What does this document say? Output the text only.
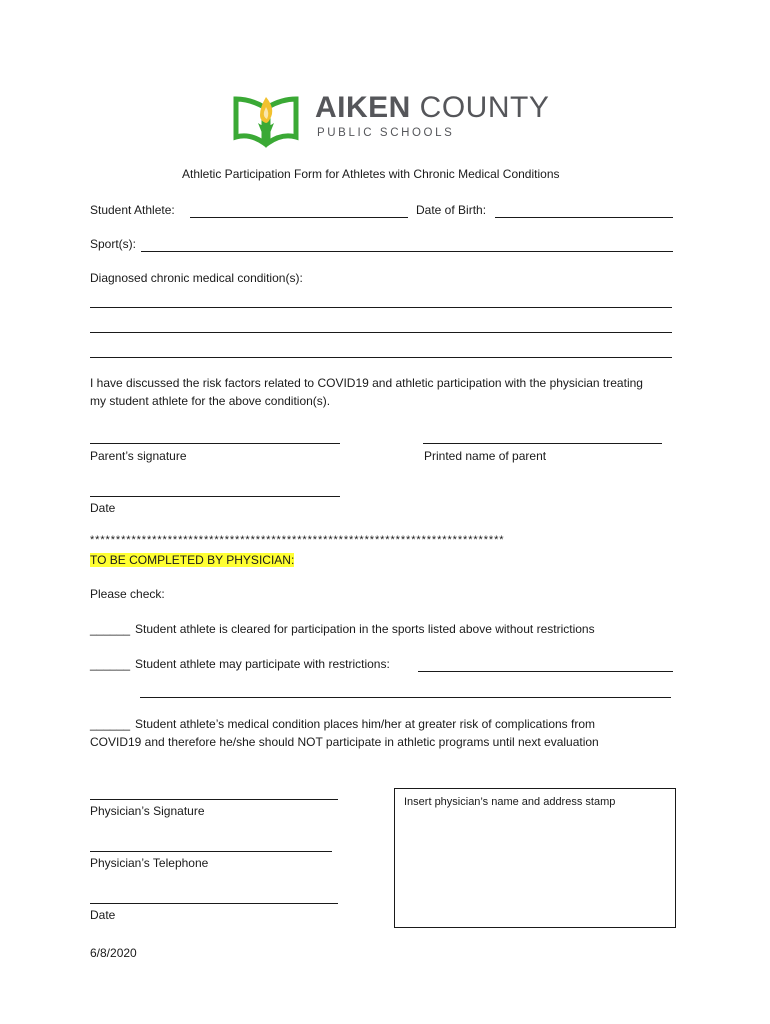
AIKEN COUNTY
PUBLIC SCHOOLS
Athletic Participation Form for Athletes with Chronic Medical Conditions
Student Athlete:	Date of Birth:
Sport(s):
Diagnosed chronic medical condition(s):
I have discussed the risk factors related to COVID19 and athletic participation with the physician treating
my student athlete for the above condition(s).
Parent’s signature	Printed name of parent
Date
********************************************************************************
TO BE COMPLETED BY PHYSICIAN:
Please check:
______ Student athlete is cleared for participation in the sports listed above without restrictions
______ Student athlete may participate with restrictions:
______ Student athlete’s medical condition places him/her at greater risk of complications from
COVID19 and therefore he/she should NOT participate in athletic programs until next evaluation
Physician’s Signature
Physician’s Telephone
Date
Insert physician’s name and address stamp
6/8/2020
